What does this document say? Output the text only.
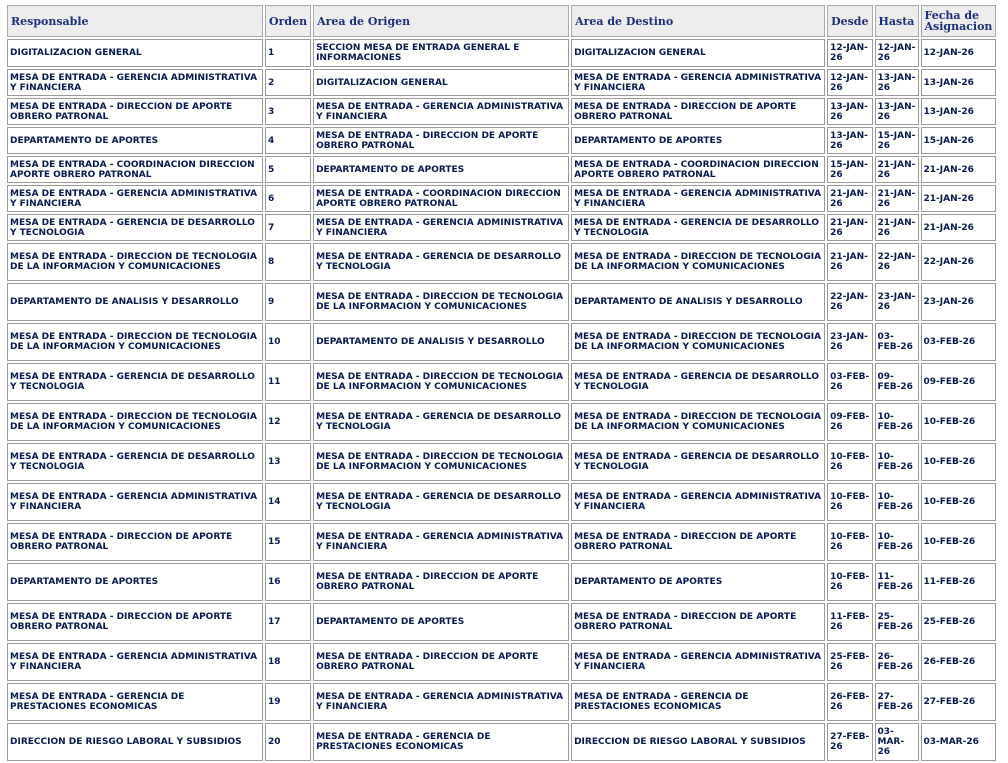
Responsable	Orden	Area de Origen	Area de Destino	Desde	Hasta	Fecha de Asignacion
DIGITALIZACION GENERAL	1	SECCION MESA DE ENTRADA GENERAL E INFORMACIONES	DIGITALIZACION GENERAL	12-JAN-26	12-JAN-26	12-JAN-26
MESA DE ENTRADA - GERENCIA ADMINISTRATIVA Y FINANCIERA	2	DIGITALIZACION GENERAL	MESA DE ENTRADA - GERENCIA ADMINISTRATIVA Y FINANCIERA	12-JAN-26	13-JAN-26	13-JAN-26
MESA DE ENTRADA - DIRECCION DE APORTE OBRERO PATRONAL	3	MESA DE ENTRADA - GERENCIA ADMINISTRATIVA Y FINANCIERA	MESA DE ENTRADA - DIRECCION DE APORTE OBRERO PATRONAL	13-JAN-26	13-JAN-26	13-JAN-26
DEPARTAMENTO DE APORTES	4	MESA DE ENTRADA - DIRECCION DE APORTE OBRERO PATRONAL	DEPARTAMENTO DE APORTES	13-JAN-26	15-JAN-26	15-JAN-26
MESA DE ENTRADA - COORDINACION DIRECCION APORTE OBRERO PATRONAL	5	DEPARTAMENTO DE APORTES	MESA DE ENTRADA - COORDINACION DIRECCION APORTE OBRERO PATRONAL	15-JAN-26	21-JAN-26	21-JAN-26
MESA DE ENTRADA - GERENCIA ADMINISTRATIVA Y FINANCIERA	6	MESA DE ENTRADA - COORDINACION DIRECCION APORTE OBRERO PATRONAL	MESA DE ENTRADA - GERENCIA ADMINISTRATIVA Y FINANCIERA	21-JAN-26	21-JAN-26	21-JAN-26
MESA DE ENTRADA - GERENCIA DE DESARROLLO Y TECNOLOGIA	7	MESA DE ENTRADA - GERENCIA ADMINISTRATIVA Y FINANCIERA	MESA DE ENTRADA - GERENCIA DE DESARROLLO Y TECNOLOGIA	21-JAN-26	21-JAN-26	21-JAN-26
MESA DE ENTRADA - DIRECCION DE TECNOLOGIA DE LA INFORMACION Y COMUNICACIONES	8	MESA DE ENTRADA - GERENCIA DE DESARROLLO Y TECNOLOGIA	MESA DE ENTRADA - DIRECCION DE TECNOLOGIA DE LA INFORMACION Y COMUNICACIONES	21-JAN-26	22-JAN-26	22-JAN-26
DEPARTAMENTO DE ANALISIS Y DESARROLLO	9	MESA DE ENTRADA - DIRECCION DE TECNOLOGIA DE LA INFORMACION Y COMUNICACIONES	DEPARTAMENTO DE ANALISIS Y DESARROLLO	22-JAN-26	23-JAN-26	23-JAN-26
MESA DE ENTRADA - DIRECCION DE TECNOLOGIA DE LA INFORMACION Y COMUNICACIONES	10	DEPARTAMENTO DE ANALISIS Y DESARROLLO	MESA DE ENTRADA - DIRECCION DE TECNOLOGIA DE LA INFORMACION Y COMUNICACIONES	23-JAN-26	03-FEB-26	03-FEB-26
MESA DE ENTRADA - GERENCIA DE DESARROLLO Y TECNOLOGIA	11	MESA DE ENTRADA - DIRECCION DE TECNOLOGIA DE LA INFORMACION Y COMUNICACIONES	MESA DE ENTRADA - GERENCIA DE DESARROLLO Y TECNOLOGIA	03-FEB-26	09-FEB-26	09-FEB-26
MESA DE ENTRADA - DIRECCION DE TECNOLOGIA DE LA INFORMACION Y COMUNICACIONES	12	MESA DE ENTRADA - GERENCIA DE DESARROLLO Y TECNOLOGIA	MESA DE ENTRADA - DIRECCION DE TECNOLOGIA DE LA INFORMACION Y COMUNICACIONES	09-FEB-26	10-FEB-26	10-FEB-26
MESA DE ENTRADA - GERENCIA DE DESARROLLO Y TECNOLOGIA	13	MESA DE ENTRADA - DIRECCION DE TECNOLOGIA DE LA INFORMACION Y COMUNICACIONES	MESA DE ENTRADA - GERENCIA DE DESARROLLO Y TECNOLOGIA	10-FEB-26	10-FEB-26	10-FEB-26
MESA DE ENTRADA - GERENCIA ADMINISTRATIVA Y FINANCIERA	14	MESA DE ENTRADA - GERENCIA DE DESARROLLO Y TECNOLOGIA	MESA DE ENTRADA - GERENCIA ADMINISTRATIVA Y FINANCIERA	10-FEB-26	10-FEB-26	10-FEB-26
MESA DE ENTRADA - DIRECCION DE APORTE OBRERO PATRONAL	15	MESA DE ENTRADA - GERENCIA ADMINISTRATIVA Y FINANCIERA	MESA DE ENTRADA - DIRECCION DE APORTE OBRERO PATRONAL	10-FEB-26	10-FEB-26	10-FEB-26
DEPARTAMENTO DE APORTES	16	MESA DE ENTRADA - DIRECCION DE APORTE OBRERO PATRONAL	DEPARTAMENTO DE APORTES	10-FEB-26	11-FEB-26	11-FEB-26
MESA DE ENTRADA - DIRECCION DE APORTE OBRERO PATRONAL	17	DEPARTAMENTO DE APORTES	MESA DE ENTRADA - DIRECCION DE APORTE OBRERO PATRONAL	11-FEB-26	25-FEB-26	25-FEB-26
MESA DE ENTRADA - GERENCIA ADMINISTRATIVA Y FINANCIERA	18	MESA DE ENTRADA - DIRECCION DE APORTE OBRERO PATRONAL	MESA DE ENTRADA - GERENCIA ADMINISTRATIVA Y FINANCIERA	25-FEB-26	26-FEB-26	26-FEB-26
MESA DE ENTRADA - GERENCIA DE PRESTACIONES ECONOMICAS	19	MESA DE ENTRADA - GERENCIA ADMINISTRATIVA Y FINANCIERA	MESA DE ENTRADA - GERENCIA DE PRESTACIONES ECONOMICAS	26-FEB-26	27-FEB-26	27-FEB-26
DIRECCION DE RIESGO LABORAL Y SUBSIDIOS	20	MESA DE ENTRADA - GERENCIA DE PRESTACIONES ECONOMICAS	DIRECCION DE RIESGO LABORAL Y SUBSIDIOS	27-FEB-26	03-MAR-26	03-MAR-26
